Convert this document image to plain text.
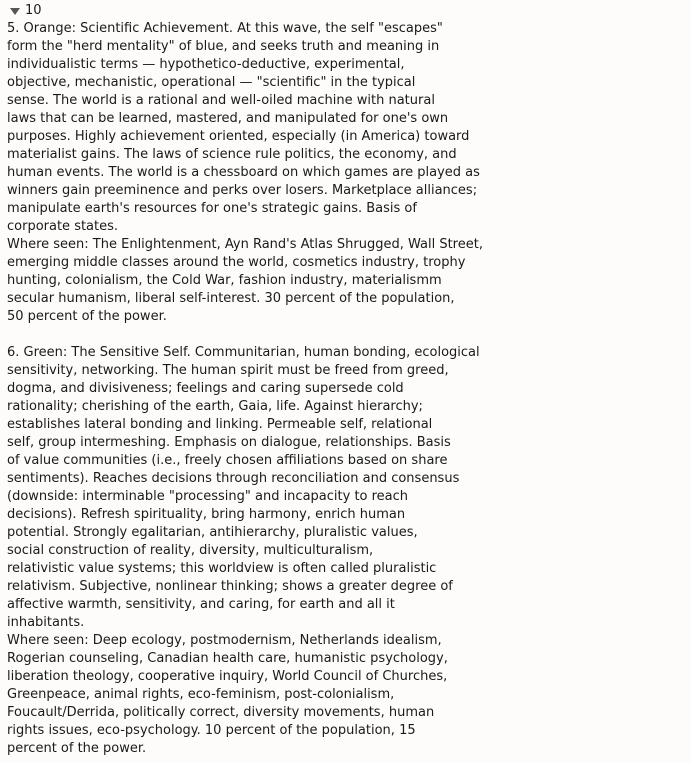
10
5. Orange: Scientific Achievement. At this wave, the self "escapes"
form the "herd mentality" of blue, and seeks truth and meaning in
individualistic terms — hypothetico-deductive, experimental,
objective, mechanistic, operational — "scientific" in the typical
sense. The world is a rational and well-oiled machine with natural
laws that can be learned, mastered, and manipulated for one's own
purposes. Highly achievement oriented, especially (in America) toward
materialist gains. The laws of science rule politics, the economy, and
human events. The world is a chessboard on which games are played as
winners gain preeminence and perks over losers. Marketplace alliances;
manipulate earth's resources for one's strategic gains. Basis of
corporate states.
Where seen: The Enlightenment, Ayn Rand's Atlas Shrugged, Wall Street,
emerging middle classes around the world, cosmetics industry, trophy
hunting, colonialism, the Cold War, fashion industry, materialismm
secular humanism, liberal self-interest. 30 percent of the population,
50 percent of the power.
6. Green: The Sensitive Self. Communitarian, human bonding, ecological
sensitivity, networking. The human spirit must be freed from greed,
dogma, and divisiveness; feelings and caring supersede cold
rationality; cherishing of the earth, Gaia, life. Against hierarchy;
establishes lateral bonding and linking. Permeable self, relational
self, group intermeshing. Emphasis on dialogue, relationships. Basis
of value communities (i.e., freely chosen affiliations based on share
sentiments). Reaches decisions through reconciliation and consensus
(downside: interminable "processing" and incapacity to reach
decisions). Refresh spirituality, bring harmony, enrich human
potential. Strongly egalitarian, antihierarchy, pluralistic values,
social construction of reality, diversity, multiculturalism,
relativistic value systems; this worldview is often called pluralistic
relativism. Subjective, nonlinear thinking; shows a greater degree of
affective warmth, sensitivity, and caring, for earth and all it
inhabitants.
Where seen: Deep ecology, postmodernism, Netherlands idealism,
Rogerian counseling, Canadian health care, humanistic psychology,
liberation theology, cooperative inquiry, World Council of Churches,
Greenpeace, animal rights, eco-feminism, post-colonialism,
Foucault/Derrida, politically correct, diversity movements, human
rights issues, eco-psychology. 10 percent of the population, 15
percent of the power.
